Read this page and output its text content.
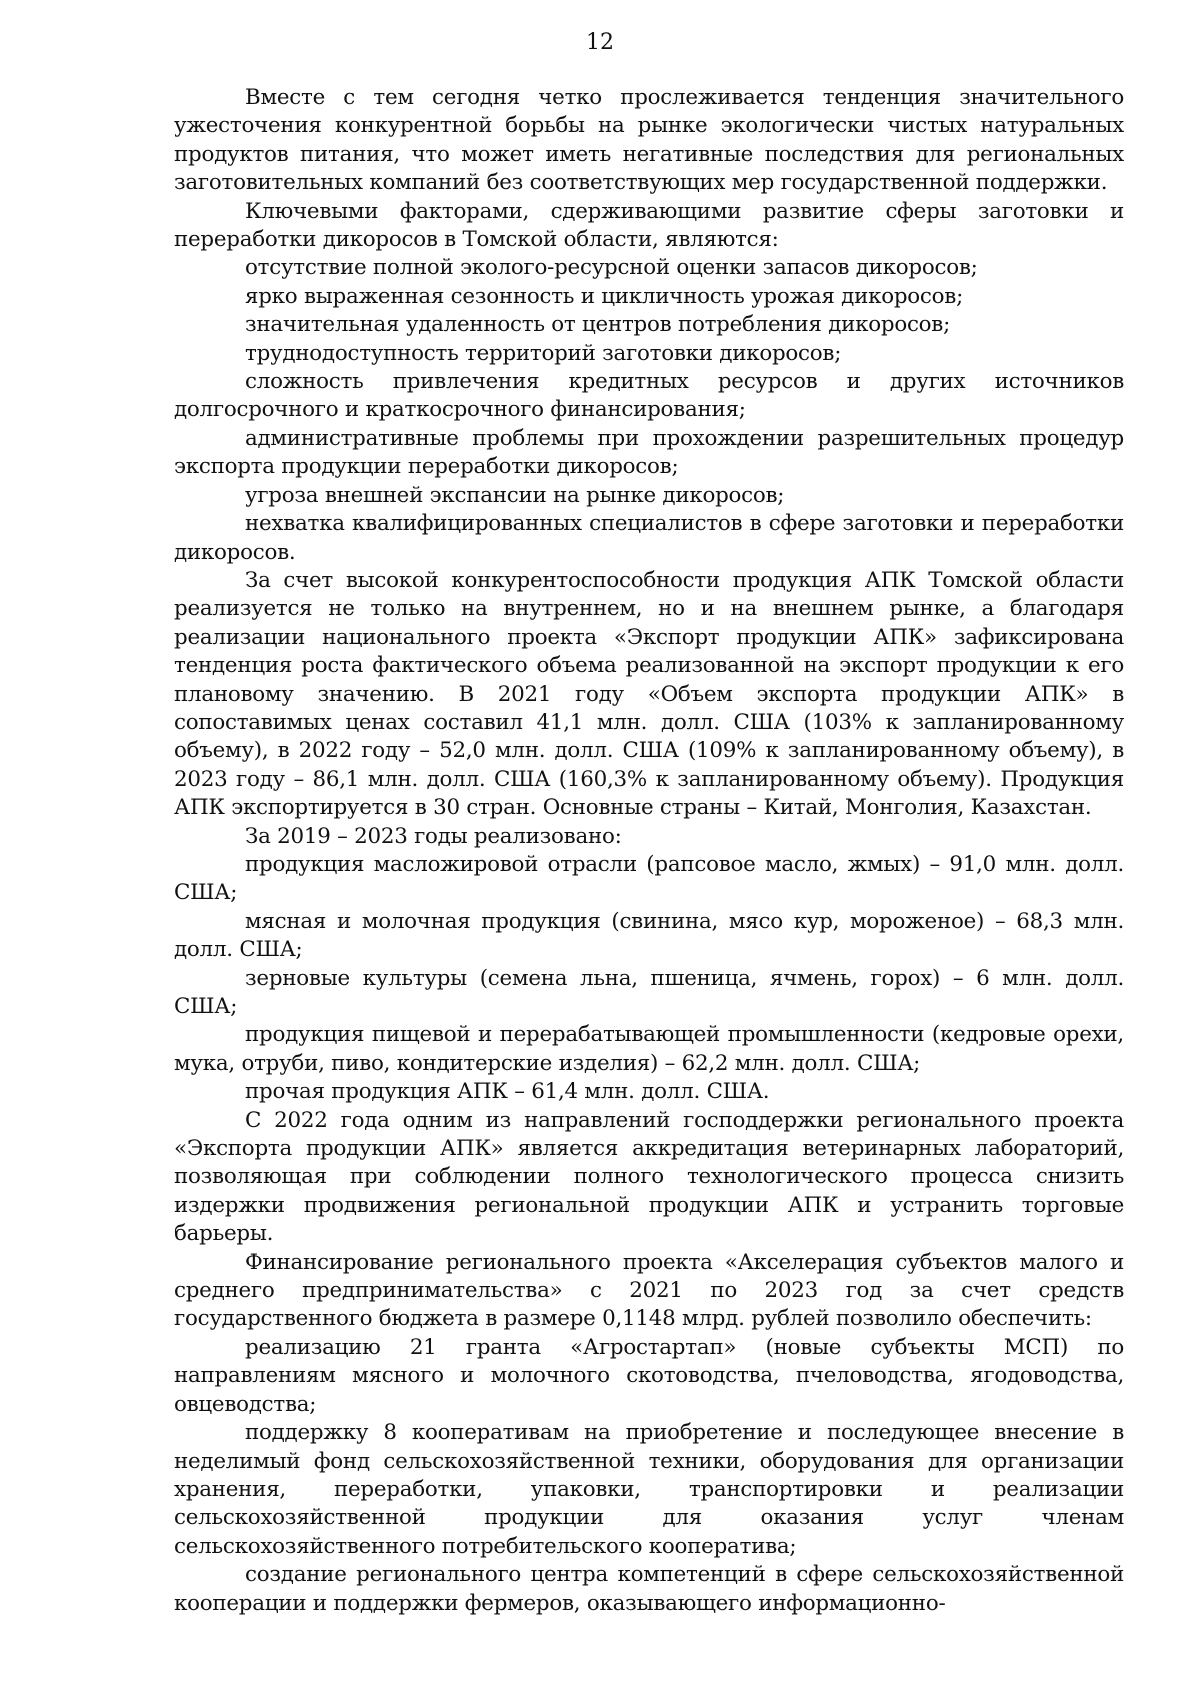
12

Вместе с тем сегодня четко прослеживается тенденция значительного ужесточения конкурентной борьбы на рынке экологически чистых натуральных продуктов питания, что может иметь негативные последствия для региональных заготовительных компаний без соответствующих мер государственной поддержки.

Ключевыми факторами, сдерживающими развитие сферы заготовки и переработки дикоросов в Томской области, являются:

отсутствие полной эколого-ресурсной оценки запасов дикоросов;

ярко выраженная сезонность и цикличность урожая дикоросов;

значительная удаленность от центров потребления дикоросов;

труднодоступность территорий заготовки дикоросов;

сложность привлечения кредитных ресурсов и других источников долгосрочного и краткосрочного финансирования;

административные проблемы при прохождении разрешительных процедур экспорта продукции переработки дикоросов;

угроза внешней экспансии на рынке дикоросов;

нехватка квалифицированных специалистов в сфере заготовки и переработки дикоросов.

За счет высокой конкурентоспособности продукция АПК Томской области реализуется не только на внутреннем, но и на внешнем рынке, а благодаря реализации национального проекта «Экспорт продукции АПК» зафиксирована тенденция роста фактического объема реализованной на экспорт продукции к его плановому значению. В 2021 году «Объем экспорта продукции АПК» в сопоставимых ценах составил 41,1 млн. долл. США (103% к запланированному объему), в 2022 году – 52,0 млн. долл. США (109% к запланированному объему), в 2023 году – 86,1 млн. долл. США (160,3% к запланированному объему). Продукция АПК экспортируется в 30 стран. Основные страны – Китай, Монголия, Казахстан.

За 2019 – 2023 годы реализовано:

продукция масложировой отрасли (рапсовое масло, жмых) – 91,0 млн. долл. США;

мясная и молочная продукция (свинина, мясо кур, мороженое) – 68,3 млн. долл. США;

зерновые культуры (семена льна, пшеница, ячмень, горох) – 6 млн. долл. США;

продукция пищевой и перерабатывающей промышленности (кедровые орехи, мука, отруби, пиво, кондитерские изделия) – 62,2 млн. долл. США;

прочая продукция АПК – 61,4 млн. долл. США.

С 2022 года одним из направлений господдержки регионального проекта «Экспорта продукции АПК» является аккредитация ветеринарных лабораторий, позволяющая при соблюдении полного технологического процесса снизить издержки продвижения региональной продукции АПК и устранить торговые барьеры.

Финансирование регионального проекта «Акселерация субъектов малого и среднего предпринимательства» с 2021 по 2023 год за счет средств государственного бюджета в размере 0,1148 млрд. рублей позволило обеспечить:

реализацию 21 гранта «Агростартап» (новые субъекты МСП) по направлениям мясного и молочного скотоводства, пчеловодства, ягодоводства, овцеводства;

поддержку 8 кооперативам на приобретение и последующее внесение в неделимый фонд сельскохозяйственной техники, оборудования для организации хранения, переработки, упаковки, транспортировки и реализации сельскохозяйственной продукции для оказания услуг членам сельскохозяйственного потребительского кооператива;

создание регионального центра компетенций в сфере сельскохозяйственной кооперации и поддержки фермеров, оказывающего информационно-
